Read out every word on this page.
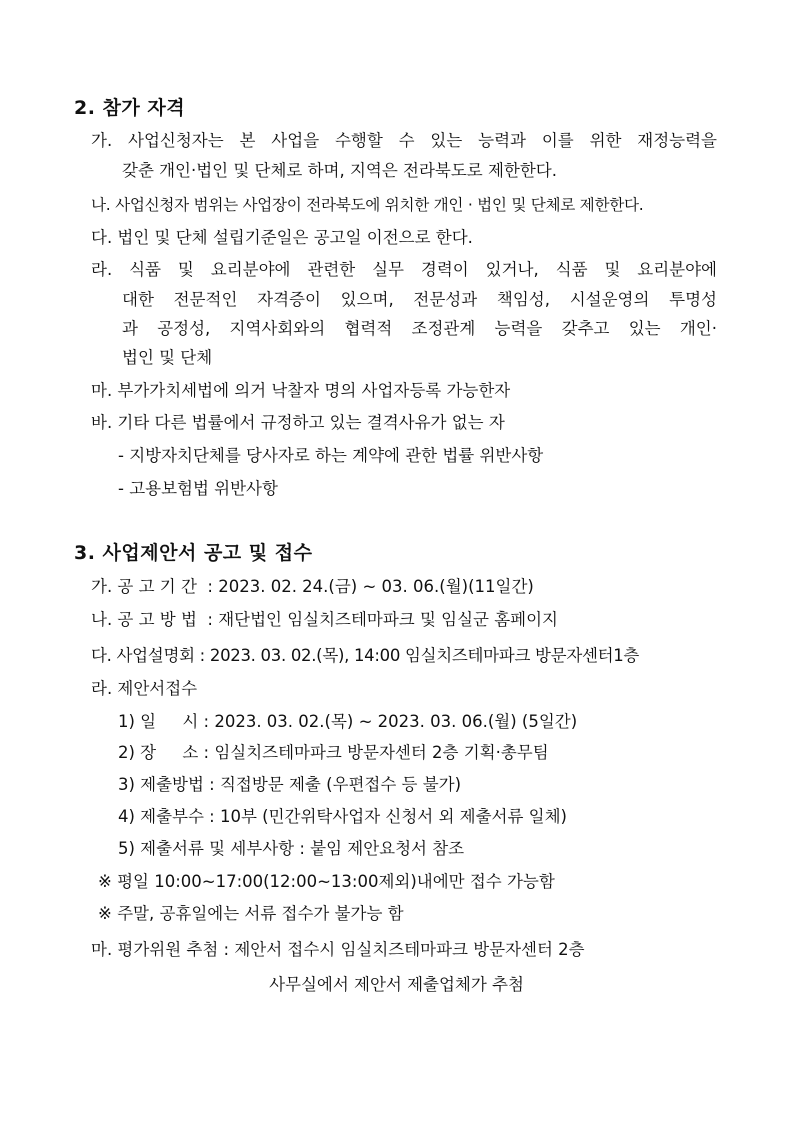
2. 참가 자격
가. 사업신청자는 본 사업을 수행할 수 있는 능력과 이를 위한 재정능력을
갖춘 개인·법인 및 단체로 하며, 지역은 전라북도로 제한한다.
나. 사업신청자 범위는 사업장이 전라북도에 위치한 개인 · 법인 및 단체로 제한한다.
다. 법인 및 단체 설립기준일은 공고일 이전으로 한다.
라. 식품 및 요리분야에 관련한 실무 경력이 있거나, 식품 및 요리분야에
대한 전문적인 자격증이 있으며, 전문성과 책임성, 시설운영의 투명성
과 공정성, 지역사회와의 협력적 조정관계 능력을 갖추고 있는 개인·
법인 및 단체
마. 부가가치세법에 의거 낙찰자 명의 사업자등록 가능한자
바. 기타 다른 법률에서 규정하고 있는 결격사유가 없는 자
- 지방자치단체를 당사자로 하는 계약에 관한 법률 위반사항
- 고용보험법 위반사항
3. 사업제안서 공고 및 접수
가. 공 고 기 간  : 2023. 02. 24.(금) ~ 03. 06.(월)(11일간)
나. 공 고 방 법  : 재단법인 임실치즈테마파크 및 임실군 홈페이지
다. 사업설명회 : 2023. 03. 02.(목), 14:00 임실치즈테마파크 방문자센터1층
라. 제안서접수
1) 일     시 : 2023. 03. 02.(목) ~ 2023. 03. 06.(월) (5일간)
2) 장     소 : 임실치즈테마파크 방문자센터 2층 기획·총무팀
3) 제출방법 : 직접방문 제출 (우편접수 등 불가)
4) 제출부수 : 10부 (민간위탁사업자 신청서 외 제출서류 일체)
5) 제출서류 및 세부사항 : 붙임 제안요청서 참조
※ 평일 10:00~17:00(12:00~13:00제외)내에만 접수 가능함
※ 주말, 공휴일에는 서류 접수가 불가능 함
마. 평가위원 추첨 : 제안서 접수시 임실치즈테마파크 방문자센터 2층
사무실에서 제안서 제출업체가 추첨
